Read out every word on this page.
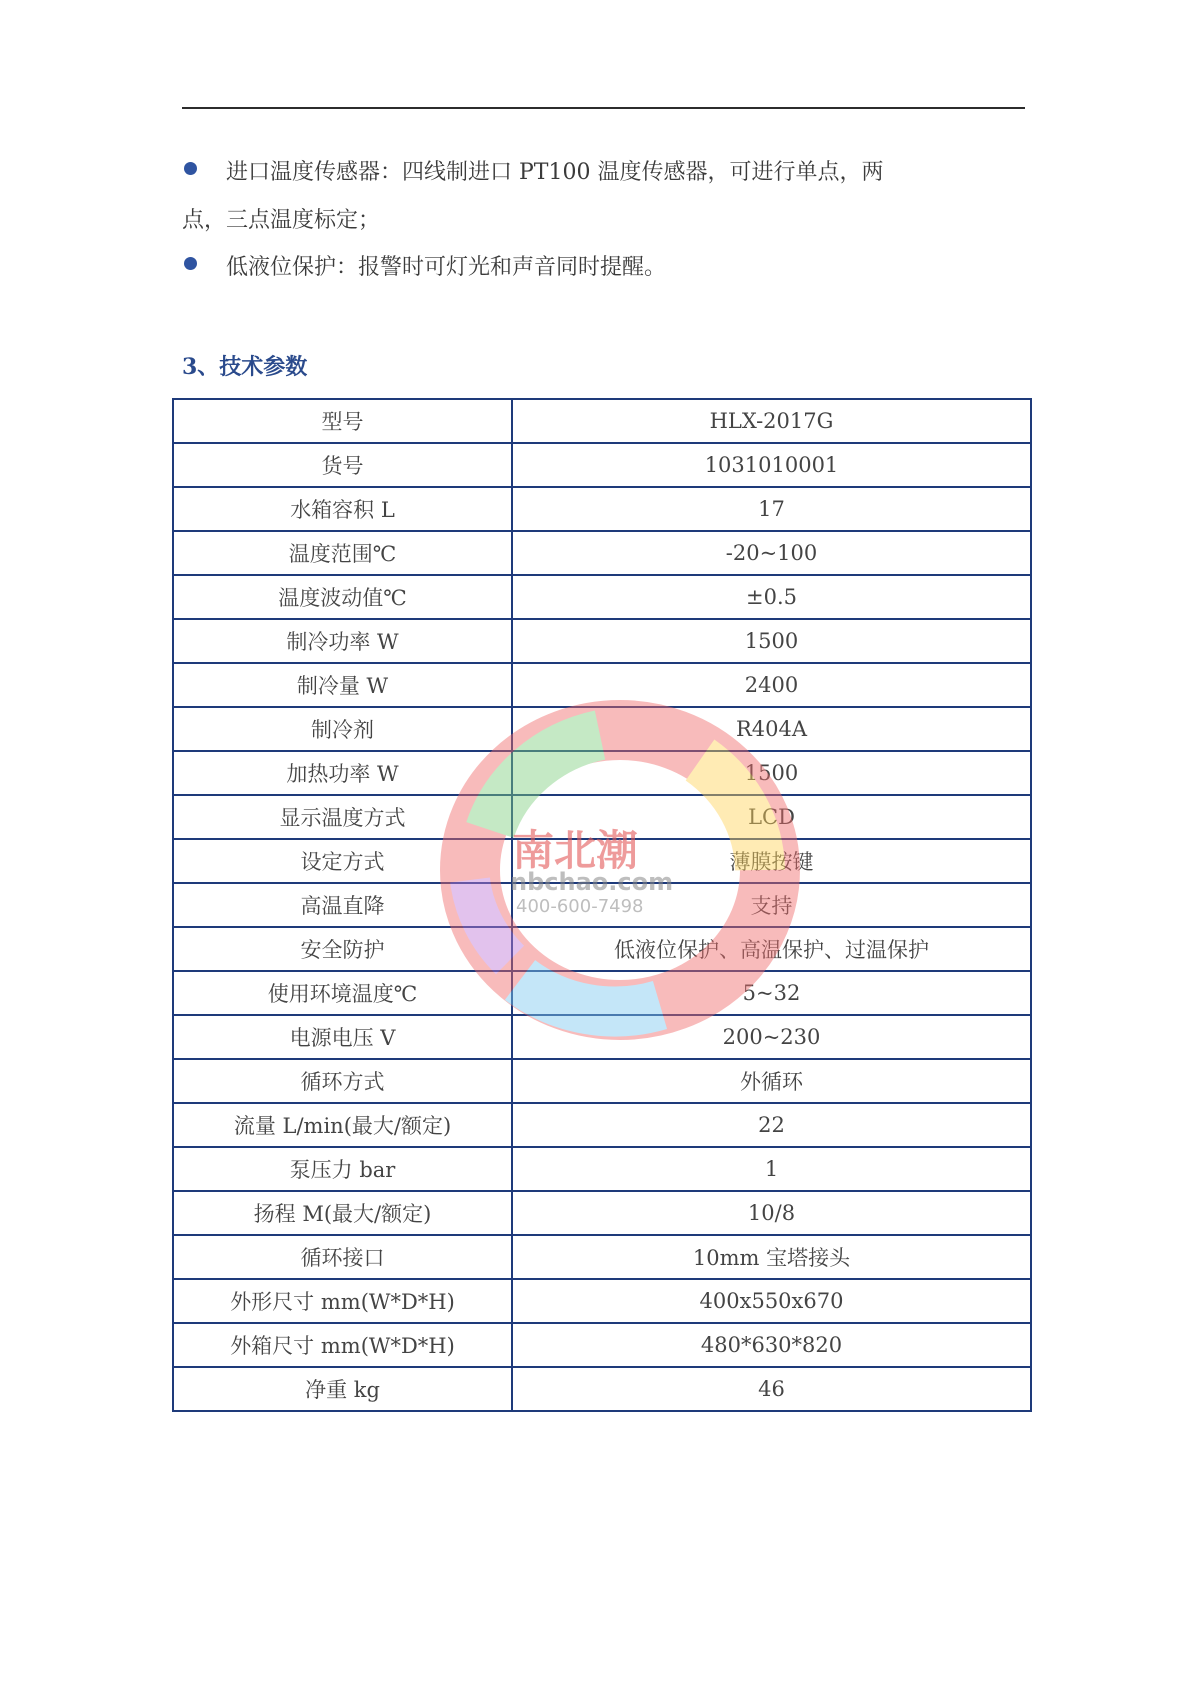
进口温度传感器：四线制进口 PT100 温度传感器，可进行单点，两
点，三点温度标定；
低液位保护：报警时可灯光和声音同时提醒。
3、技术参数
型号	HLX-2017G
货号	1031010001
水箱容积 L	17
温度范围℃	-20~100
温度波动值℃	±0.5
制冷功率 W	1500
制冷量 W	2400
制冷剂	R404A
加热功率 W	1500
显示温度方式	LCD
设定方式	薄膜按键
高温直降	支持
安全防护	低液位保护、高温保护、过温保护
使用环境温度℃	5~32
电源电压 V	200~230
循环方式	外循环
流量 L/min(最大/额定)	22
泵压力 bar	1
扬程 M(最大/额定)	10/8
循环接口	10mm 宝塔接头
外形尺寸 mm(W*D*H)	400x550x670
外箱尺寸 mm(W*D*H)	480*630*820
净重 kg	46
南北潮
nbchao.com
400-600-7498
